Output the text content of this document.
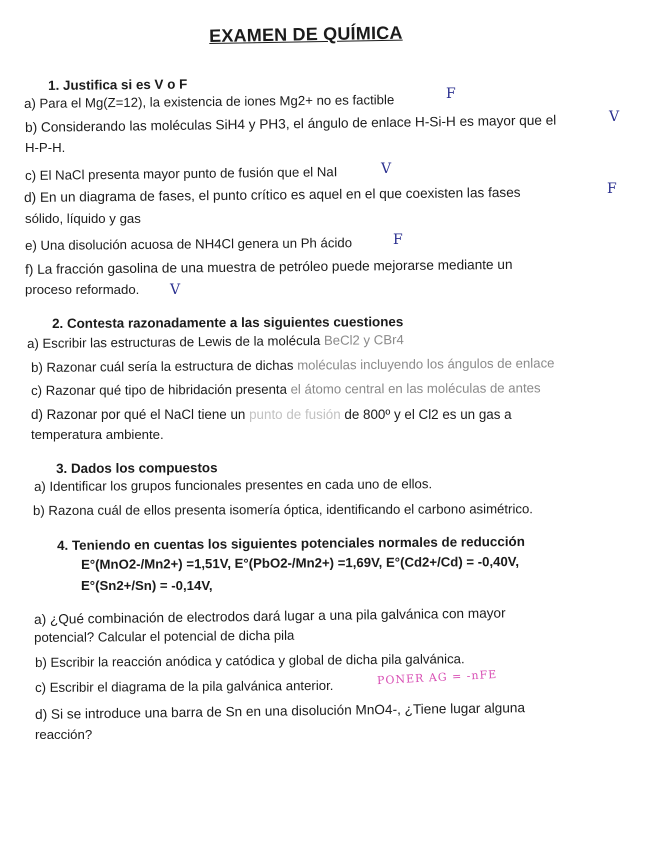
EXAMEN DE QUÍMICA
1. Justifica si es V o F
a) Para el Mg(Z=12), la existencia de iones Mg2+ no es factible	F
b) Considerando las moléculas SiH4 y PH3, el ángulo de enlace H-Si-H es mayor que el	V
H-P-H.
c) El NaCl presenta mayor punto de fusión que el NaI	V
d) En un diagrama de fases, el punto crítico es aquel en el que coexisten las fases	F
sólido, líquido y gas
e) Una disolución acuosa de NH4Cl genera un Ph ácido	F
f) La fracción gasolina de una muestra de petróleo puede mejorarse mediante un
proceso reformado. V
2. Contesta razonadamente a las siguientes cuestiones
a) Escribir las estructuras de Lewis de la molécula BeCl2 y CBr4
b) Razonar cuál sería la estructura de dichas moléculas incluyendo los ángulos de enlace
c) Razonar qué tipo de hibridación presenta el átomo central en las moléculas de antes
d) Razonar por qué el NaCl tiene un punto de fusión de 800º y el Cl2 es un gas a
temperatura ambiente.
3. Dados los compuestos
a) Identificar los grupos funcionales presentes en cada uno de ellos.
b) Razona cuál de ellos presenta isomería óptica, identificando el carbono asimétrico.
4. Teniendo en cuentas los siguientes potenciales normales de reducción
E°(MnO2-/Mn2+) =1,51V, E°(PbO2-/Mn2+) =1,69V, E°(Cd2+/Cd) = -0,40V,
E°(Sn2+/Sn) = -0,14V,
a) ¿Qué combinación de electrodos dará lugar a una pila galvánica con mayor
potencial? Calcular el potencial de dicha pila
b) Escribir la reacción anódica y catódica y global de dicha pila galvánica.
c) Escribir el diagrama de la pila galvánica anterior.	PONER AG = -nFE
d) Si se introduce una barra de Sn en una disolución MnO4-, ¿Tiene lugar alguna
reacción?
